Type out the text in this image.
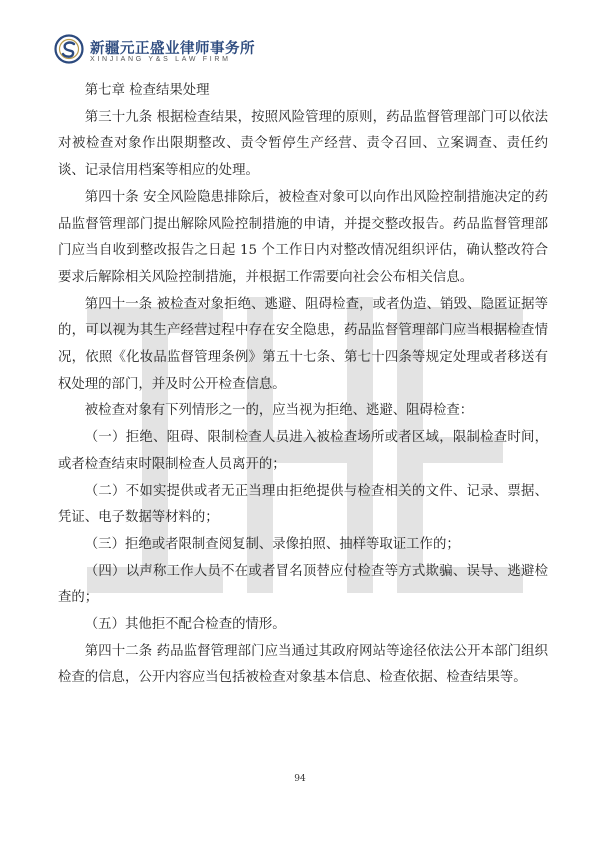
新疆元正盛业律师事务所
XINJIANG Y&S LAW FIRM

第七章 检查结果处理

第三十九条 根据检查结果，按照风险管理的原则，药品监督管理部门可以依法对被检查对象作出限期整改、责令暂停生产经营、责令召回、立案调查、责任约谈、记录信用档案等相应的处理。

第四十条 安全风险隐患排除后，被检查对象可以向作出风险控制措施决定的药品监督管理部门提出解除风险控制措施的申请，并提交整改报告。药品监督管理部门应当自收到整改报告之日起 15 个工作日内对整改情况组织评估，确认整改符合要求后解除相关风险控制措施，并根据工作需要向社会公布相关信息。

第四十一条 被检查对象拒绝、逃避、阻碍检查，或者伪造、销毁、隐匿证据等的，可以视为其生产经营过程中存在安全隐患，药品监督管理部门应当根据检查情况，依照《化妆品监督管理条例》第五十七条、第七十四条等规定处理或者移送有权处理的部门，并及时公开检查信息。

被检查对象有下列情形之一的，应当视为拒绝、逃避、阻碍检查：

（一）拒绝、阻碍、限制检查人员进入被检查场所或者区域，限制检查时间，或者检查结束时限制检查人员离开的；

（二）不如实提供或者无正当理由拒绝提供与检查相关的文件、记录、票据、凭证、电子数据等材料的；

（三）拒绝或者限制查阅复制、录像拍照、抽样等取证工作的；

（四）以声称工作人员不在或者冒名顶替应付检查等方式欺骗、误导、逃避检查的；

（五）其他拒不配合检查的情形。

第四十二条 药品监督管理部门应当通过其政府网站等途径依法公开本部门组织检查的信息，公开内容应当包括被检查对象基本信息、检查依据、检查结果等。

94
